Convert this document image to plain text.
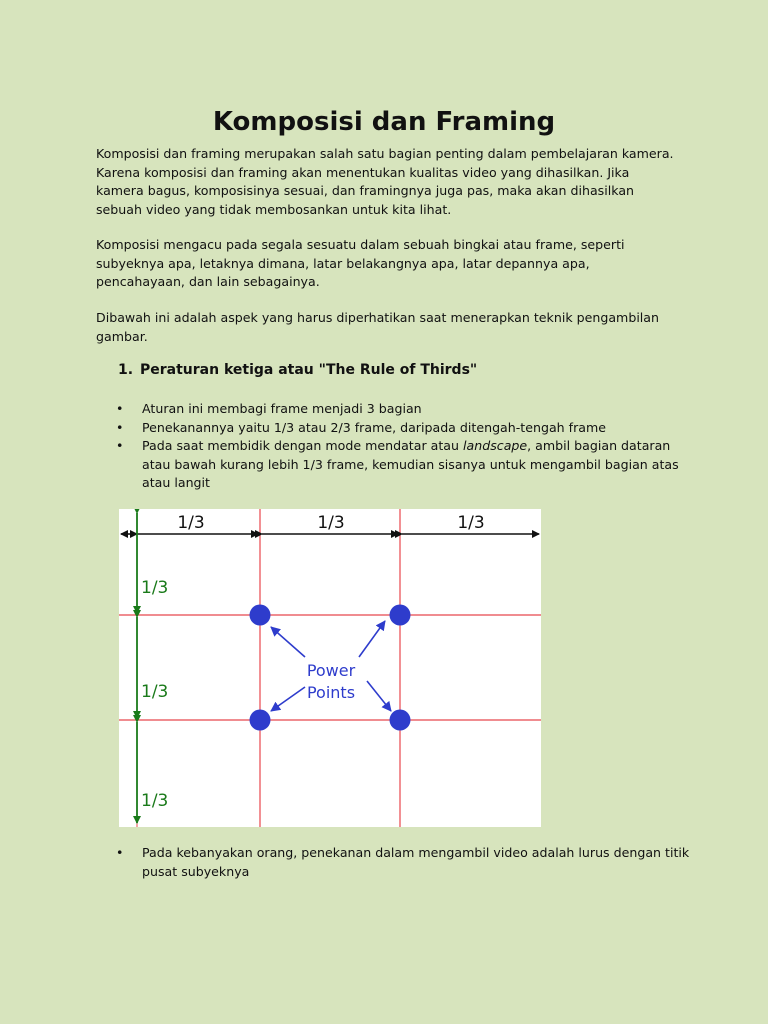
Komposisi dan Framing

Komposisi dan framing merupakan salah satu bagian penting dalam pembelajaran kamera. Karena komposisi dan framing akan menentukan kualitas video yang dihasilkan. Jika kamera bagus, komposisinya sesuai, dan framingnya juga pas, maka akan dihasilkan sebuah video yang tidak membosankan untuk kita lihat.

Komposisi mengacu pada segala sesuatu dalam sebuah bingkai atau frame, seperti subyeknya apa, letaknya dimana, latar belakangnya apa, latar depannya apa, pencahayaan, dan lain sebagainya.

Dibawah ini adalah aspek yang harus diperhatikan saat menerapkan teknik pengambilan gambar.

1. Peraturan ketiga atau "The Rule of Thirds"
• Aturan ini membagi frame menjadi 3 bagian
• Penekanannya yaitu 1/3 atau 2/3 frame, daripada ditengah-tengah frame
• Pada saat membidik dengan mode mendatar atau landscape, ambil bagian dataran atau bawah kurang lebih 1/3 frame, kemudian sisanya untuk mengambil bagian atas atau langit
1/3	1/3	1/3
1/3
1/3
1/3
Power
Points
• Pada kebanyakan orang, penekanan dalam mengambil video adalah lurus dengan titik pusat subyeknya
